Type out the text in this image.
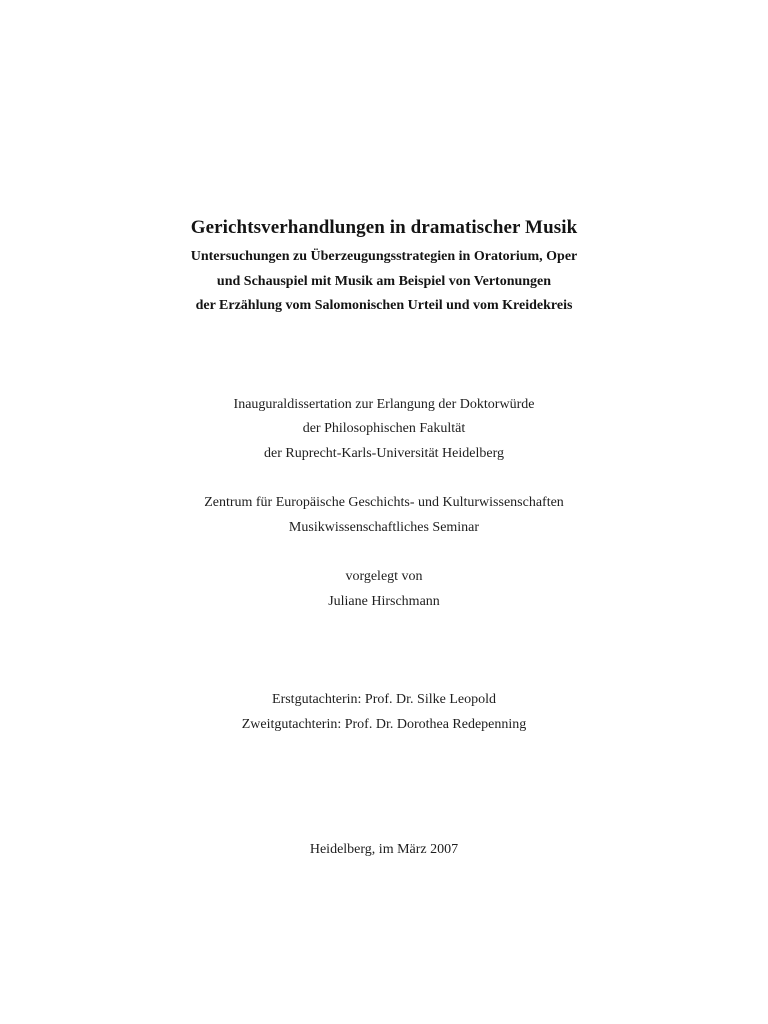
Gerichtsverhandlungen in dramatischer Musik
Untersuchungen zu Überzeugungsstrategien in Oratorium, Oper
und Schauspiel mit Musik am Beispiel von Vertonungen
der Erzählung vom Salomonischen Urteil und vom Kreidekreis
Inauguraldissertation zur Erlangung der Doktorwürde
der Philosophischen Fakultät
der Ruprecht-Karls-Universität Heidelberg
Zentrum für Europäische Geschichts- und Kulturwissenschaften
Musikwissenschaftliches Seminar
vorgelegt von
Juliane Hirschmann
Erstgutachterin: Prof. Dr. Silke Leopold
Zweitgutachterin: Prof. Dr. Dorothea Redepenning
Heidelberg, im März 2007
